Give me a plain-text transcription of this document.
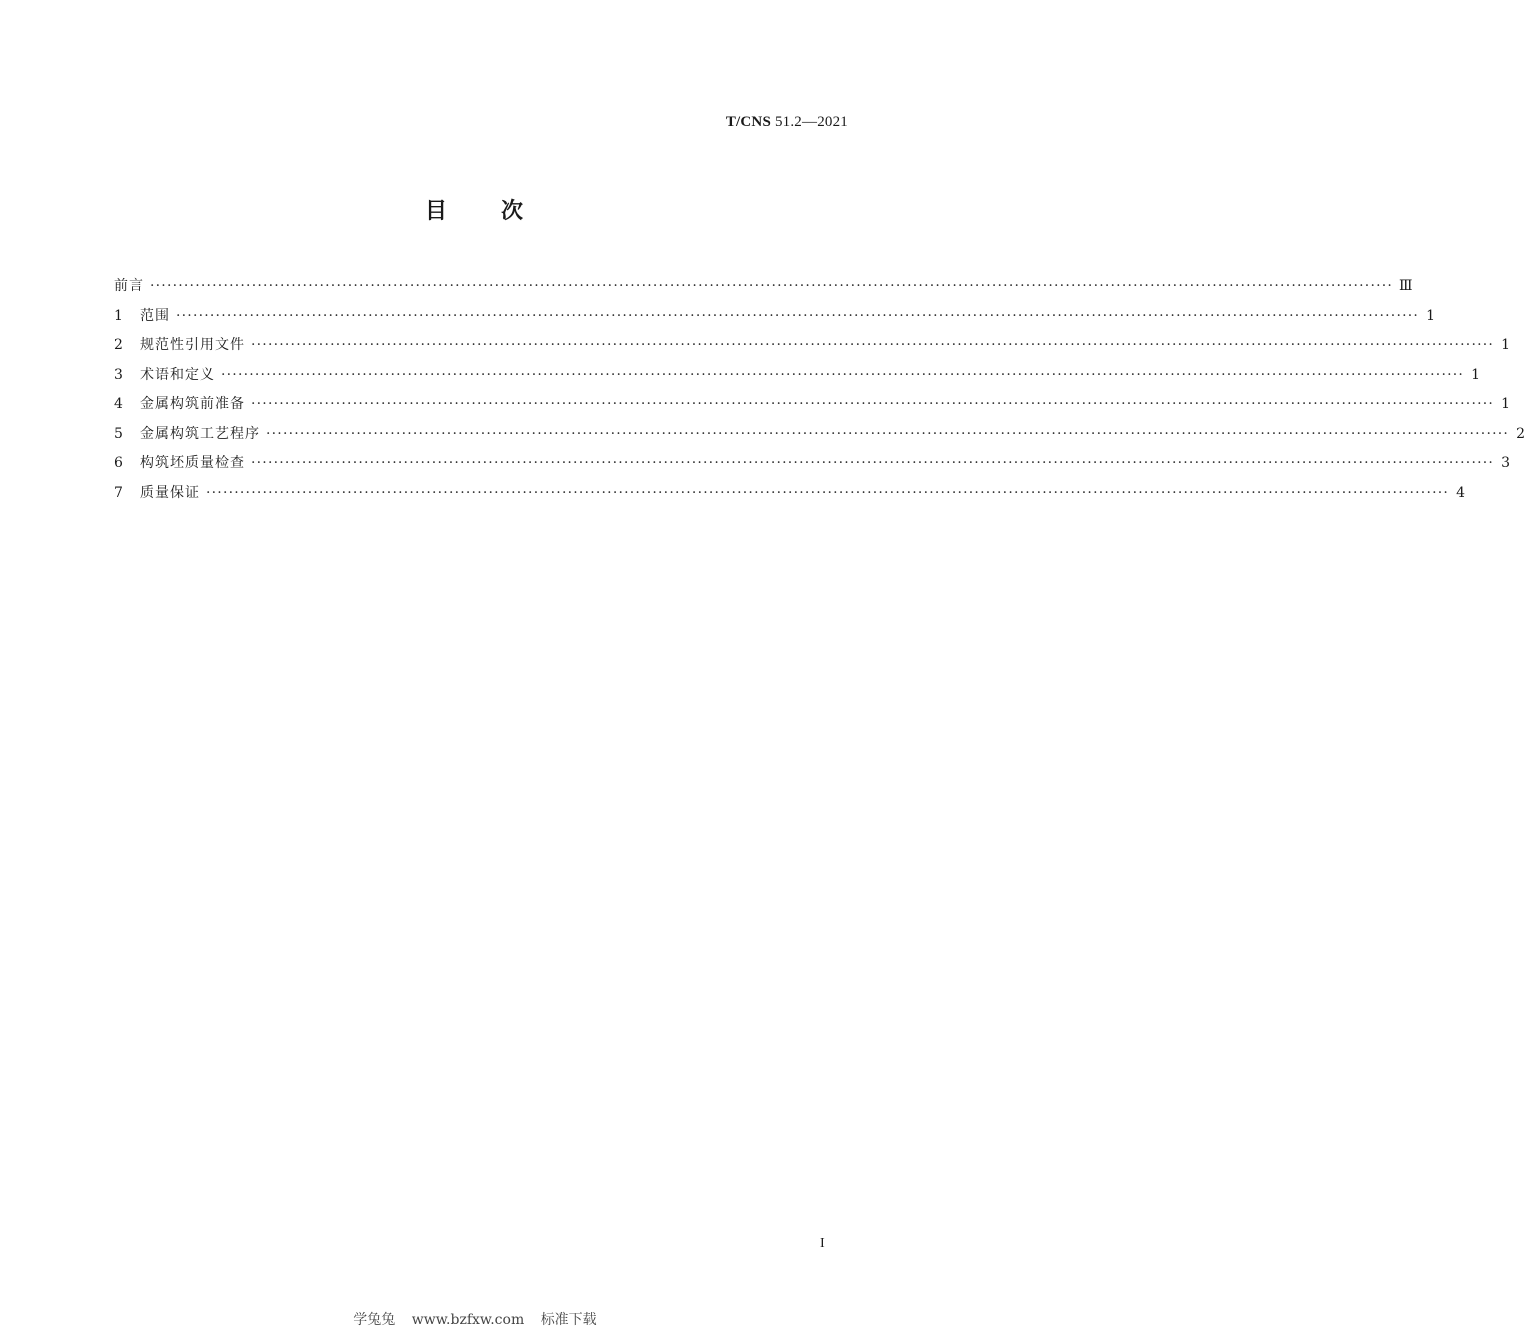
T/CNS 51.2—2021
目 次
前言 ···························································································································································································································· Ⅲ
1	范围 ···························································································································································································································· 1
2	规范性引用文件 ···························································································································································································································· 1
3	术语和定义 ···························································································································································································································· 1
4	金属构筑前准备 ···························································································································································································································· 1
5	金属构筑工艺程序 ···························································································································································································································· 2
6	构筑坯质量检查 ···························································································································································································································· 3
7	质量保证 ···························································································································································································································· 4
I
学兔兔 www.bzfxw.com 标准下载
